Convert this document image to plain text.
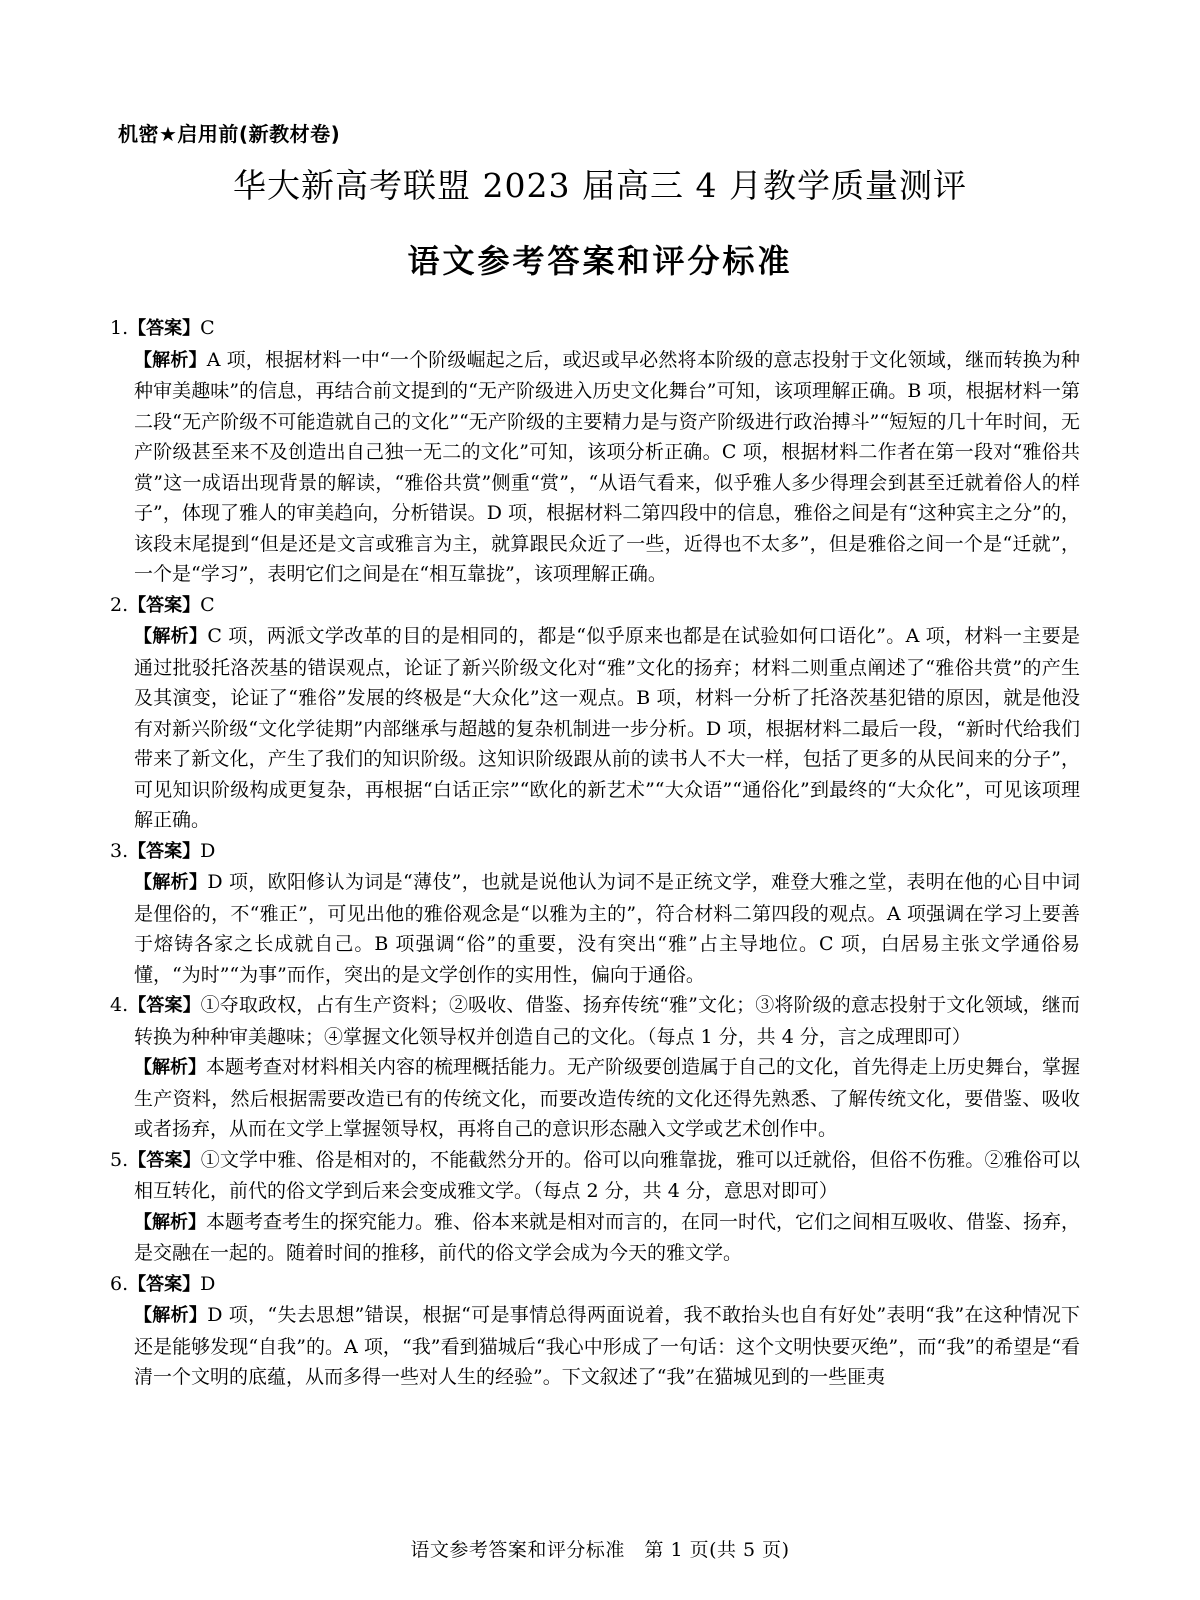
机密★启用前(新教材卷)
华大新高考联盟 2023 届高三 4 月教学质量测评
语文参考答案和评分标准

1.【答案】C

【解析】A 项，根据材料一中“一个阶级崛起之后，或迟或早必然将本阶级的意志投射于文化领域，继而转换为种种审美趣味”的信息，再结合前文提到的“无产阶级进入历史文化舞台”可知，该项理解正确。B 项，根据材料一第二段“无产阶级不可能造就自己的文化”“无产阶级的主要精力是与资产阶级进行政治搏斗”“短短的几十年时间，无产阶级甚至来不及创造出自己独一无二的文化”可知，该项分析正确。C 项，根据材料二作者在第一段对“雅俗共赏”这一成语出现背景的解读，“雅俗共赏”侧重“赏”，“从语气看来，似乎雅人多少得理会到甚至迁就着俗人的样子”，体现了雅人的审美趋向，分析错误。D 项，根据材料二第四段中的信息，雅俗之间是有“这种宾主之分”的，该段末尾提到“但是还是文言或雅言为主，就算跟民众近了一些，近得也不太多”，但是雅俗之间一个是“迁就”，一个是“学习”，表明它们之间是在“相互靠拢”，该项理解正确。

2.【答案】C

【解析】C 项，两派文学改革的目的是相同的，都是“似乎原来也都是在试验如何口语化”。A 项，材料一主要是通过批驳托洛茨基的错误观点，论证了新兴阶级文化对“雅”文化的扬弃；材料二则重点阐述了“雅俗共赏”的产生及其演变，论证了“雅俗”发展的终极是“大众化”这一观点。B 项，材料一分析了托洛茨基犯错的原因，就是他没有对新兴阶级“文化学徒期”内部继承与超越的复杂机制进一步分析。D 项，根据材料二最后一段，“新时代给我们带来了新文化，产生了我们的知识阶级。这知识阶级跟从前的读书人不大一样，包括了更多的从民间来的分子”，可见知识阶级构成更复杂，再根据“白话正宗”“欧化的新艺术”“大众语”“通俗化”到最终的“大众化”，可见该项理解正确。

3.【答案】D

【解析】D 项，欧阳修认为词是“薄伎”，也就是说他认为词不是正统文学，难登大雅之堂，表明在他的心目中词是俚俗的，不“雅正”，可见出他的雅俗观念是“以雅为主的”，符合材料二第四段的观点。A 项强调在学习上要善于熔铸各家之长成就自己。B 项强调“俗”的重要，没有突出“雅”占主导地位。C 项，白居易主张文学通俗易懂，“为时”“为事”而作，突出的是文学创作的实用性，偏向于通俗。

4.【答案】①夺取政权，占有生产资料；②吸收、借鉴、扬弃传统“雅”文化；③将阶级的意志投射于文化领域，继而转换为种种审美趣味；④掌握文化领导权并创造自己的文化。（每点 1 分，共 4 分，言之成理即可）

【解析】本题考查对材料相关内容的梳理概括能力。无产阶级要创造属于自己的文化，首先得走上历史舞台，掌握生产资料，然后根据需要改造已有的传统文化，而要改造传统的文化还得先熟悉、了解传统文化，要借鉴、吸收或者扬弃，从而在文学上掌握领导权，再将自己的意识形态融入文学或艺术创作中。

5.【答案】①文学中雅、俗是相对的，不能截然分开的。俗可以向雅靠拢，雅可以迁就俗，但俗不伤雅。②雅俗可以相互转化，前代的俗文学到后来会变成雅文学。（每点 2 分，共 4 分，意思对即可）

【解析】本题考查考生的探究能力。雅、俗本来就是相对而言的，在同一时代，它们之间相互吸收、借鉴、扬弃，是交融在一起的。随着时间的推移，前代的俗文学会成为今天的雅文学。

6.【答案】D

【解析】D 项，“失去思想”错误，根据“可是事情总得两面说着，我不敢抬头也自有好处”表明“我”在这种情况下还是能够发现“自我”的。A 项，“我”看到猫城后“我心中形成了一句话：这个文明快要灭绝”，而“我”的希望是“看清一个文明的底蕴，从而多得一些对人生的经验”。下文叙述了“我”在猫城见到的一些匪夷

语文参考答案和评分标准　第 1 页(共 5 页)
